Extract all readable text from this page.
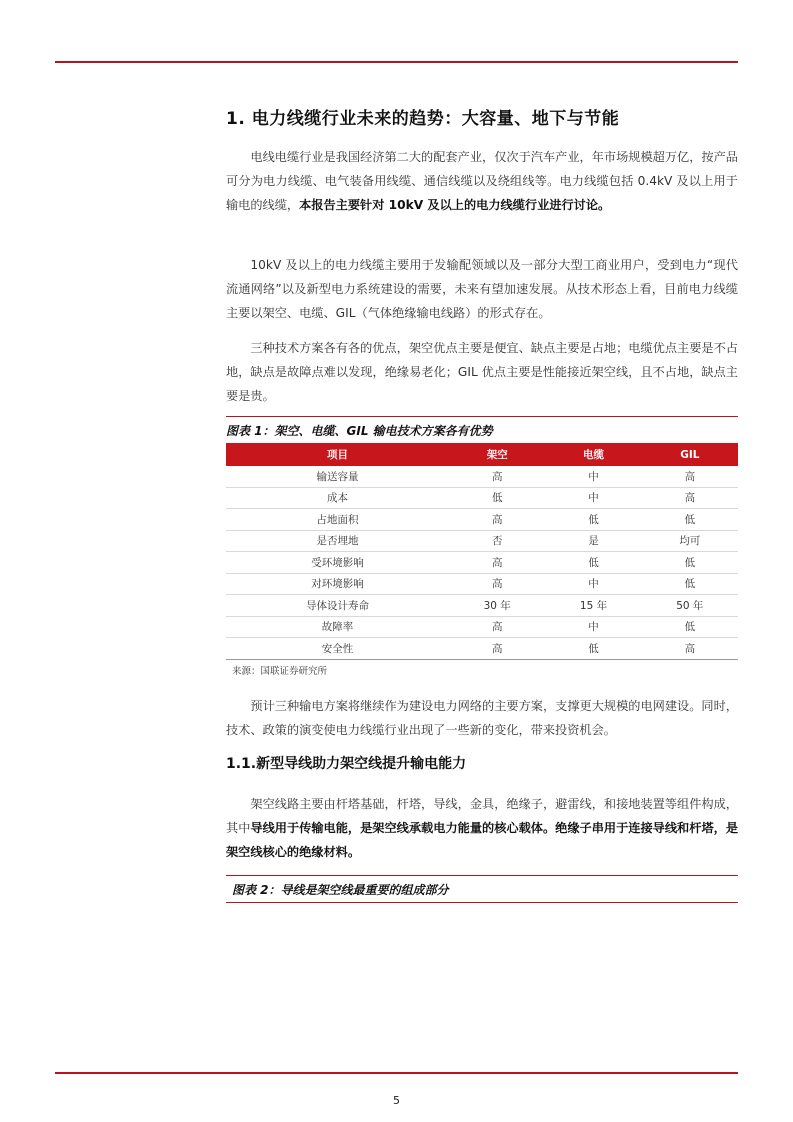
1. 电力线缆行业未来的趋势：大容量、地下与节能

电线电缆行业是我国经济第二大的配套产业，仅次于汽车产业，年市场规模超万亿，按产品可分为电力线缆、电气装备用线缆、通信线缆以及绕组线等。电力线缆包括 0.4kV 及以上用于输电的线缆，本报告主要针对 10kV 及以上的电力线缆行业进行讨论。

10kV 及以上的电力线缆主要用于发输配领域以及一部分大型工商业用户，受到电力“现代流通网络”以及新型电力系统建设的需要，未来有望加速发展。从技术形态上看，目前电力线缆主要以架空、电缆、GIL（气体绝缘输电线路）的形式存在。

三种技术方案各有各的优点，架空优点主要是便宜、缺点主要是占地；电缆优点主要是不占地，缺点是故障点难以发现，绝缘易老化；GIL 优点主要是性能接近架空线，且不占地，缺点主要是贵。

图表 1：架空、电缆、GIL 输电技术方案各有优势
项目	架空	电缆	GIL
输送容量	高	中	高
成本	低	中	高
占地面积	高	低	低
是否埋地	否	是	均可
受环境影响	高	低	低
对环境影响	高	中	低
导体设计寿命	30 年	15 年	50 年
故障率	高	中	低
安全性	高	低	高
来源：国联证券研究所

预计三种输电方案将继续作为建设电力网络的主要方案，支撑更大规模的电网建设。同时，技术、政策的演变使电力线缆行业出现了一些新的变化，带来投资机会。

1.1.新型导线助力架空线提升输电能力

架空线路主要由杆塔基础，杆塔，导线，金具，绝缘子，避雷线，和接地装置等组件构成，其中导线用于传输电能，是架空线承载电力能量的核心载体。绝缘子串用于连接导线和杆塔，是架空线核心的绝缘材料。

图表 2：导线是架空线最重要的组成部分
5
